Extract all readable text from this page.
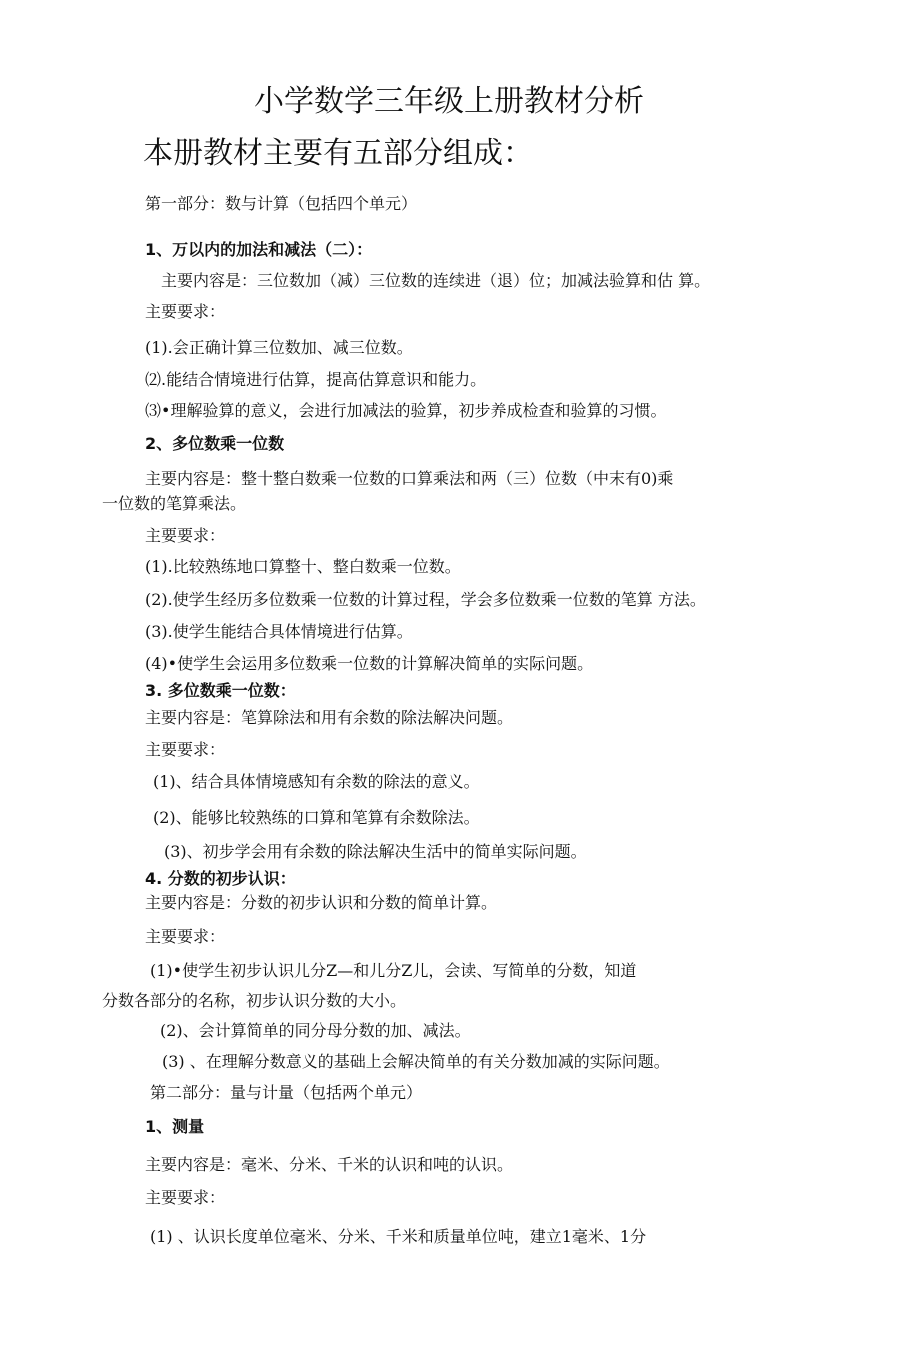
小学数学三年级上册教材分析
本册教材主要有五部分组成：
第一部分：数与计算（包括四个单元）
1、万以内的加法和减法（二）：
主要内容是：三位数加（减）三位数的连续进（退）位；加减法验算和估 算。
主要要求：
(1).会正确计算三位数加、减三位数。
⑵.能结合情境进行估算，提高估算意识和能力。
⑶•理解验算的意义，会进行加减法的验算，初步养成检查和验算的习惯。
2、多位数乘一位数
主要内容是：整十整白数乘一位数的口算乘法和两（三）位数（中末有0)乘
一位数的笔算乘法。
主要要求：
(1).比较熟练地口算整十、整白数乘一位数。
(2).使学生经历多位数乘一位数的计算过程，学会多位数乘一位数的笔算 方法。
(3).使学生能结合具体情境进行估算。
(4)•使学生会运用多位数乘一位数的计算解决简单的实际问题。
3. 多位数乘一位数：
主要内容是：笔算除法和用有余数的除法解决问题。
主要要求：
(1)、结合具体情境感知有余数的除法的意义。
(2)、能够比较熟练的口算和笔算有余数除法。
(3)、初步学会用有余数的除法解决生活中的简单实际问题。
4. 分数的初步认识：
主要内容是：分数的初步认识和分数的简单计算。
主要要求：
(1)•使学生初步认识儿分Z—和儿分Z儿，会读、写简单的分数，知道
分数各部分的名称，初步认识分数的大小。
(2)、会计算简单的同分母分数的加、减法。
(3) 、在理解分数意义的基础上会解决简单的有关分数加减的实际问题。
第二部分：量与计量（包括两个单元）
1、测量
主要内容是：毫米、分米、千米的认识和吨的认识。
主要要求：
(1) 、认识长度单位毫米、分米、千米和质量单位吨，建立1毫米、1分
